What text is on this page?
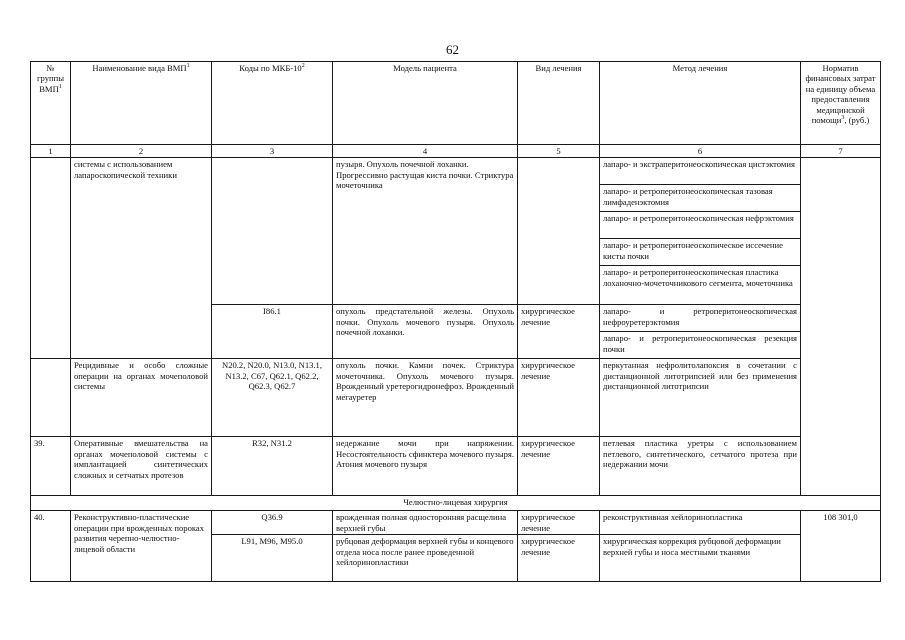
62
№ группы ВМП$^1$	Наименование вида ВМП$^1$	Коды по МКБ-$10^2$	Модель пациента	Вид лечения	Метод лечения	Норматив финансовых затрат на единицу объема предоставления медицинской помощи$^3$, (руб.)	
1	2	3	4	5	6	7	
	системы с использованием лапароскопической техники		пузыря. Опухоль почечной лоханки. Прогрессивно растущая киста почки. Стриктура мочеточника		лапаро- и экстраперитонеоскопическая цистэктомия		
					лапаро- и ретроперитонеоскопическая тазовая лимфаденэктомия		
					лапаро- и ретроперитонеоскопическая нефрэктомия		
					лапаро- и ретроперитонеоскопическое иссечение кисты почки		
					лапаро- и ретроперитонеоскопическая пластика лоханочно-мочеточникового сегмента, мочеточника		
		I86.1	опухоль предстательной железы. Опухоль почки. Опухоль мочевого пузыря. Опухоль почечной лоханки.	хирургическое лечение	лапаро- и ретроперитонеоскопическая нефроуретерэктомия		
					лапаро- и ретроперитонеоскопическая резекция почки		
	Рецидивные и особо сложные операции на органах мочеполовой системы	N20.2, N20.0, N13.0, N13.1, N13.2, C67, Q62.1, Q62.2, Q62.3, Q62.7	опухоль почки. Камни почек. Стриктура мочеточника. Опухоль мочевого пузыря. Врожденный уретерогидронефроз. Врожденный мегауретер	хирургическое лечение	перкутанная нефролитолапоксия в сочетании с дистанционной литотрипсией или без применения дистанционной литотрипсии		
39.	Оперативные вмешательства на органах мочеполовой системы с имплантацией синтетических сложных и сетчатых протезов	R32, N31.2	недержание мочи при напряжении. Несостоятельность сфинктера мочевого пузыря. Атония мочевого пузыря	хирургическое лечение	петлевая пластика уретры с использованием петлевого, синтетического, сетчатого протеза при недержании мочи	
Челюстно-лицевая хирургия							
40.	Реконструктивно-пластические операции при врожденных пороках развития черепно-челюстно-лицевой области	Q36.9	врожденная полная односторонняя расщелина верхней губы	хирургическое лечение	реконструктивная хейлоринопластика	108 301,0	
		L91, M96, M95.0	рубцовая деформация верхней губы и концевого отдела носа после ранее проведенной хейлоринопластики	хирургическое лечение	хирургическая коррекция рубцовой деформации верхней губы и носа местными тканями		
